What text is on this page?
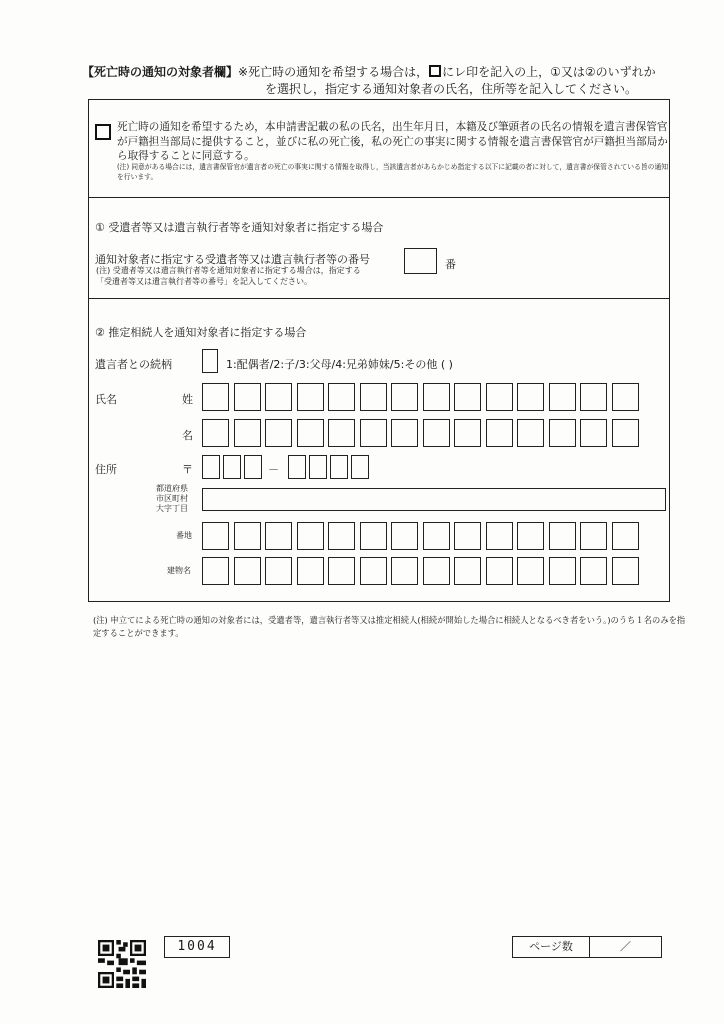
【死亡時の通知の対象者欄】※死亡時の通知を希望する場合は， にレ印を記入の上，①又は②のいずれか
を選択し，指定する通知対象者の氏名，住所等を記入してください。
死亡時の通知を希望するため，本申請書記載の私の氏名，出生年月日，本籍及び筆頭者の氏名の情報を遺言書保管官が戸籍担当部局に提供すること，並びに私の死亡後，私の死亡の事実に関する情報を遺言書保管官が戸籍担当部局から取得することに同意する。
(注) 同意がある場合には，遺言書保管官が遺言者の死亡の事実に関する情報を取得し，当該遺言者があらかじめ指定する以下に記載の者に対して，遺言書が保管されている旨の通知を行います。
① 受遺者等又は遺言執行者等を通知対象者に指定する場合
通知対象者に指定する受遺者等又は遺言執行者等の番号
(注) 受遺者等又は遺言執行者等を通知対象者に指定する場合は，指定する
「受遺者等又は遺言執行者等の番号」を記入してください。
番
② 推定相続人を通知対象者に指定する場合
遺言者との続柄	1:配偶者/2:子/3:父母/4:兄弟姉妹/5:その他 ( )
氏名	姓
名
住所	〒	－
都道府県
市区町村
大字丁目
番地
建物名
(注) 申立てによる死亡時の通知の対象者には，受遺者等，遺言執行者等又は推定相続人(相続が開始した場合に相続人となるべき者をいう。)のうち１名のみを指定することができます。
1004	ページ数	／
